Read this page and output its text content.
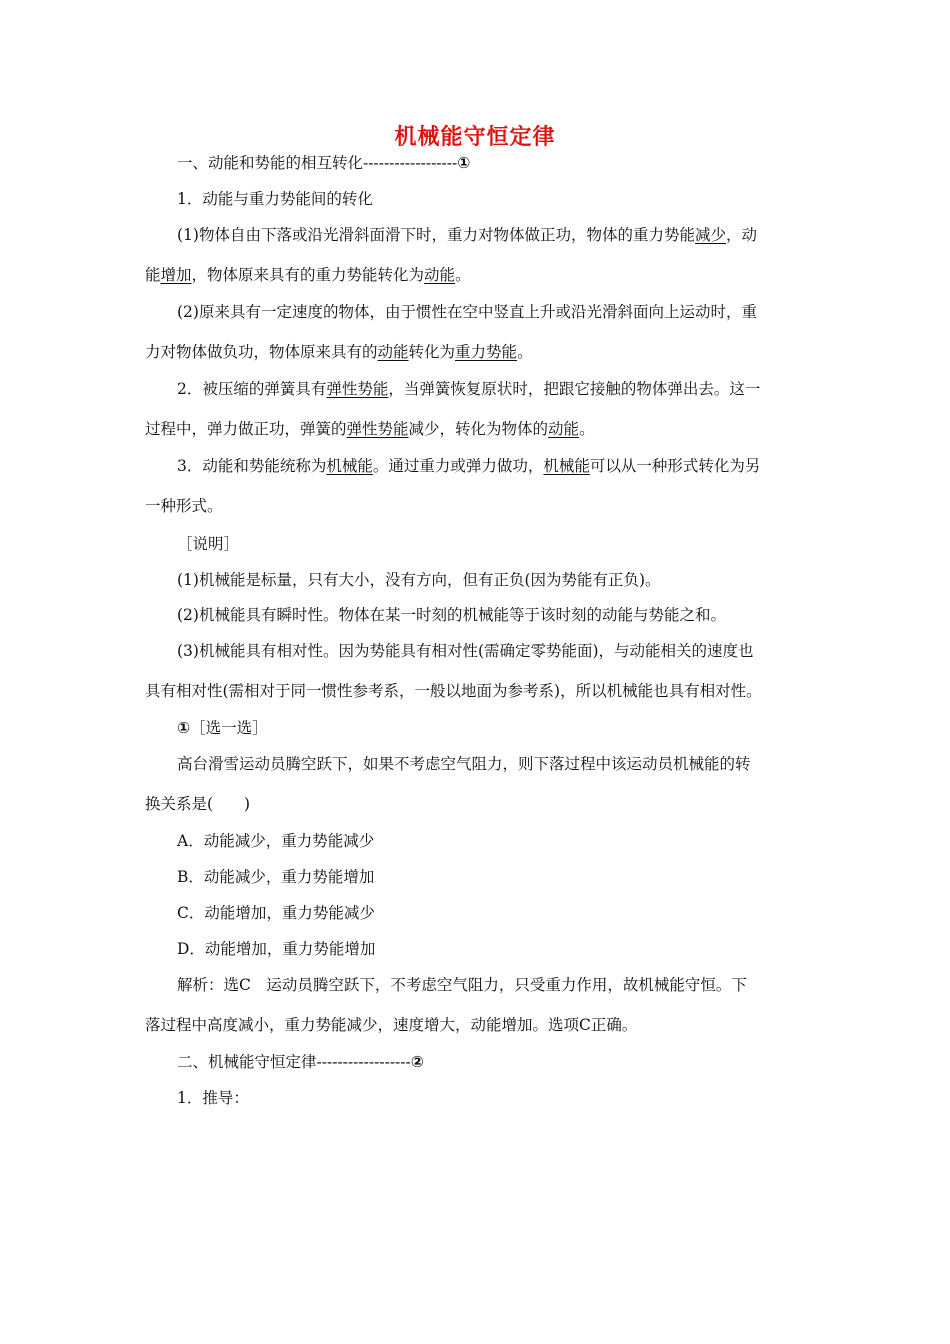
机械能守恒定律
一、动能和势能的相互转化------------------①
1．动能与重力势能间的转化
(1)物体自由下落或沿光滑斜面滑下时，重力对物体做正功，物体的重力势能减少，动
能增加，物体原来具有的重力势能转化为动能。
(2)原来具有一定速度的物体，由于惯性在空中竖直上升或沿光滑斜面向上运动时，重
力对物体做负功，物体原来具有的动能转化为重力势能。
2．被压缩的弹簧具有弹性势能，当弹簧恢复原状时，把跟它接触的物体弹出去。这一
过程中，弹力做正功，弹簧的弹性势能减少，转化为物体的动能。
3．动能和势能统称为机械能。通过重力或弹力做功，机械能可以从一种形式转化为另
一种形式。
［说明］
(1)机械能是标量，只有大小，没有方向，但有正负(因为势能有正负)。
(2)机械能具有瞬时性。物体在某一时刻的机械能等于该时刻的动能与势能之和。
(3)机械能具有相对性。因为势能具有相对性(需确定零势能面)，与动能相关的速度也
具有相对性(需相对于同一惯性参考系，一般以地面为参考系)，所以机械能也具有相对性。
①［选一选］
高台滑雪运动员腾空跃下，如果不考虑空气阻力，则下落过程中该运动员机械能的转
换关系是(　　)
A．动能减少，重力势能减少
B．动能减少，重力势能增加
C．动能增加，重力势能减少
D．动能增加，重力势能增加
解析：选C　运动员腾空跃下，不考虑空气阻力，只受重力作用，故机械能守恒。下
落过程中高度减小，重力势能减少，速度增大，动能增加。选项C正确。
二、机械能守恒定律------------------②
1．推导：
